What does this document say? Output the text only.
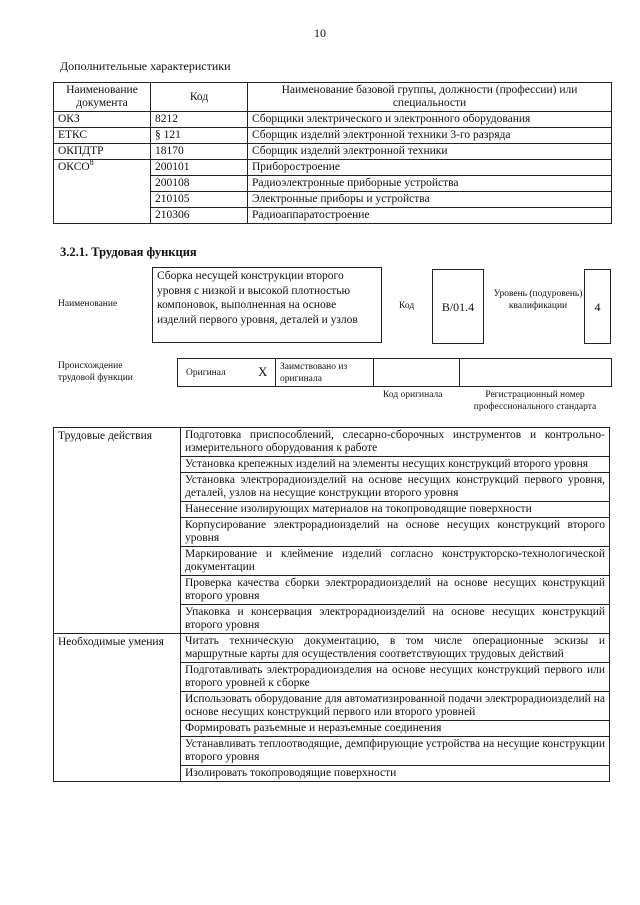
10
Дополнительные характеристики
Наименование документа	Код	Наименование базовой группы, должности (профессии) или специальности
ОКЗ	8212	Сборщики электрического и электронного оборудования
ЕТКС	§ 121	Сборщик изделий электронной техники 3-го разряда
ОКПДТР	18170	Сборщик изделий электронной техники
ОКСО$^8$	200101	Приборостроение
	200108	Радиоэлектронные приборные устройства
	210105	Электронные приборы и устройства
	210306	Радиоаппаратостроение
3.2.1. Трудовая функция
Наименование
Сборка несущей конструкции второго уровня с низкой и высокой плотностью компоновок, выполненная на основе изделий первого уровня, деталей и узлов
Код	В/01.4
Уровень (подуровень) квалификации	4
Происхождение трудовой функции	Оригинал Х Заимствовано из оригинала
Код оригинала	Регистрационный номер профессионального стандарта
Трудовые действия	Подготовка приспособлений, слесарно-сборочных инструментов и контрольно-измерительного оборудования к работе
	Установка крепежных изделий на элементы несущих конструкций второго уровня
	Установка электрорадиоизделий на основе несущих конструкций первого уровня, деталей, узлов на несущие конструкции второго уровня
	Нанесение изолирующих материалов на токопроводящие поверхности
	Корпусирование электрорадиоизделий на основе несущих конструкций второго уровня
	Маркирование и клеймение изделий согласно конструкторско-технологической документации
	Проверка качества сборки электрорадиоизделий на основе несущих конструкций второго уровня
	Упаковка и консервация электрорадиоизделий на основе несущих конструкций второго уровня
Необходимые умения	Читать техническую документацию, в том числе операционные эскизы и маршрутные карты для осуществления соответствующих трудовых действий
	Подготавливать электрорадиоизделия на основе несущих конструкций первого или второго уровней к сборке
	Использовать оборудование для автоматизированной подачи электрорадиоизделий на основе несущих конструкций первого или второго уровней
	Формировать разъемные и неразъемные соединения
	Устанавливать теплоотводящие, демпфирующие устройства на несущие конструкции второго уровня
	Изолировать токопроводящие поверхности
